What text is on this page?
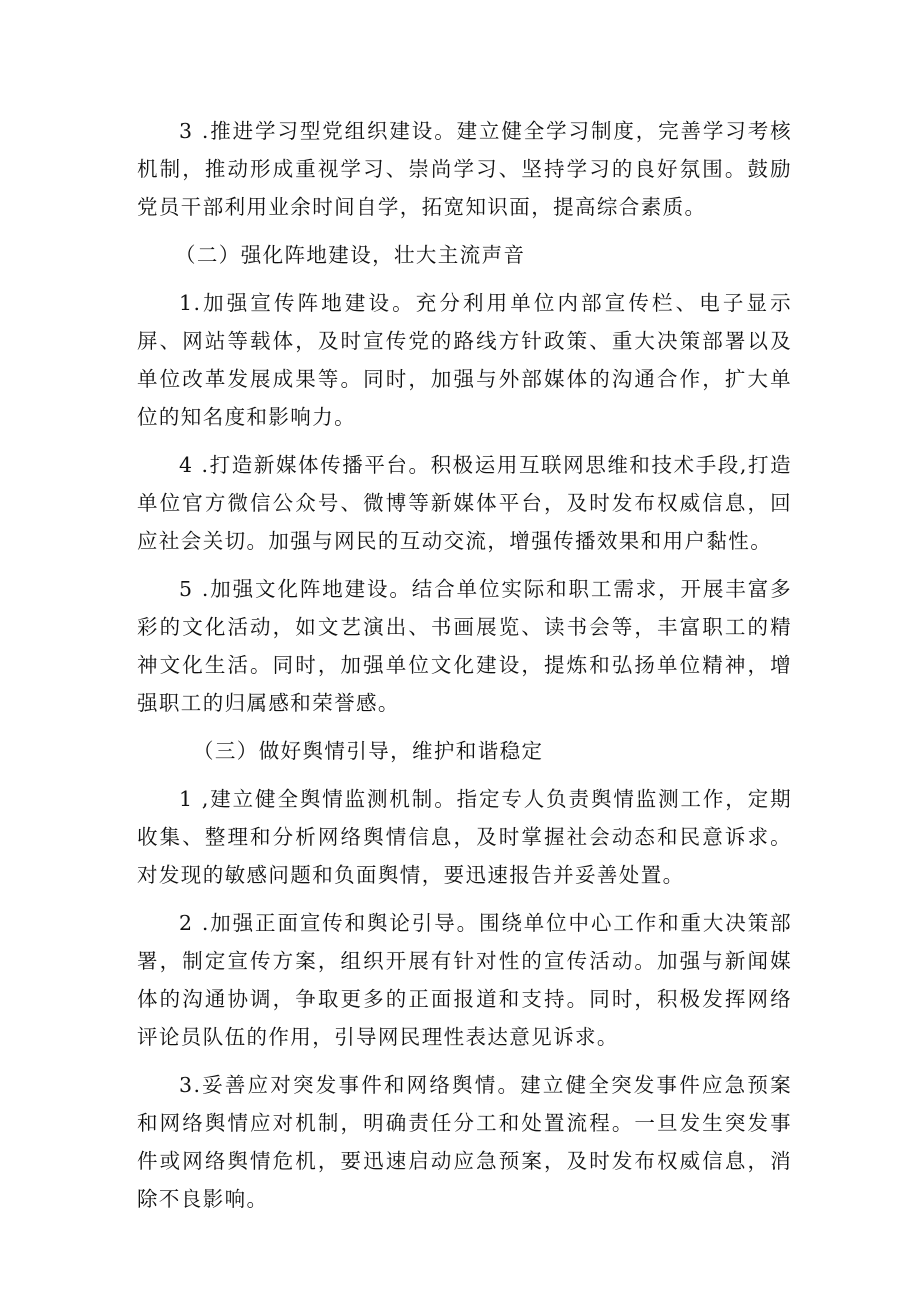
3 .推进学习型党组织建设。建立健全学习制度，完善学习考核机制，推动形成重视学习、崇尚学习、坚持学习的良好氛围。鼓励党员干部利用业余时间自学，拓宽知识面，提高综合素质。

（二）强化阵地建设，壮大主流声音

1.加强宣传阵地建设。充分利用单位内部宣传栏、电子显示屏、网站等载体，及时宣传党的路线方针政策、重大决策部署以及单位改革发展成果等。同时，加强与外部媒体的沟通合作，扩大单位的知名度和影响力。

4 .打造新媒体传播平台。积极运用互联网思维和技术手段,打造单位官方微信公众号、微博等新媒体平台，及时发布权威信息，回应社会关切。加强与网民的互动交流，增强传播效果和用户黏性。

5 .加强文化阵地建设。结合单位实际和职工需求，开展丰富多彩的文化活动，如文艺演出、书画展览、读书会等，丰富职工的精神文化生活。同时，加强单位文化建设，提炼和弘扬单位精神，增强职工的归属感和荣誉感。

（三）做好舆情引导，维护和谐稳定

1 ,建立健全舆情监测机制。指定专人负责舆情监测工作，定期收集、整理和分析网络舆情信息，及时掌握社会动态和民意诉求。对发现的敏感问题和负面舆情，要迅速报告并妥善处置。

2 .加强正面宣传和舆论引导。围绕单位中心工作和重大决策部署，制定宣传方案，组织开展有针对性的宣传活动。加强与新闻媒体的沟通协调，争取更多的正面报道和支持。同时，积极发挥网络评论员队伍的作用，引导网民理性表达意见诉求。

3.妥善应对突发事件和网络舆情。建立健全突发事件应急预案和网络舆情应对机制，明确责任分工和处置流程。一旦发生突发事件或网络舆情危机，要迅速启动应急预案，及时发布权威信息，消除不良影响。
